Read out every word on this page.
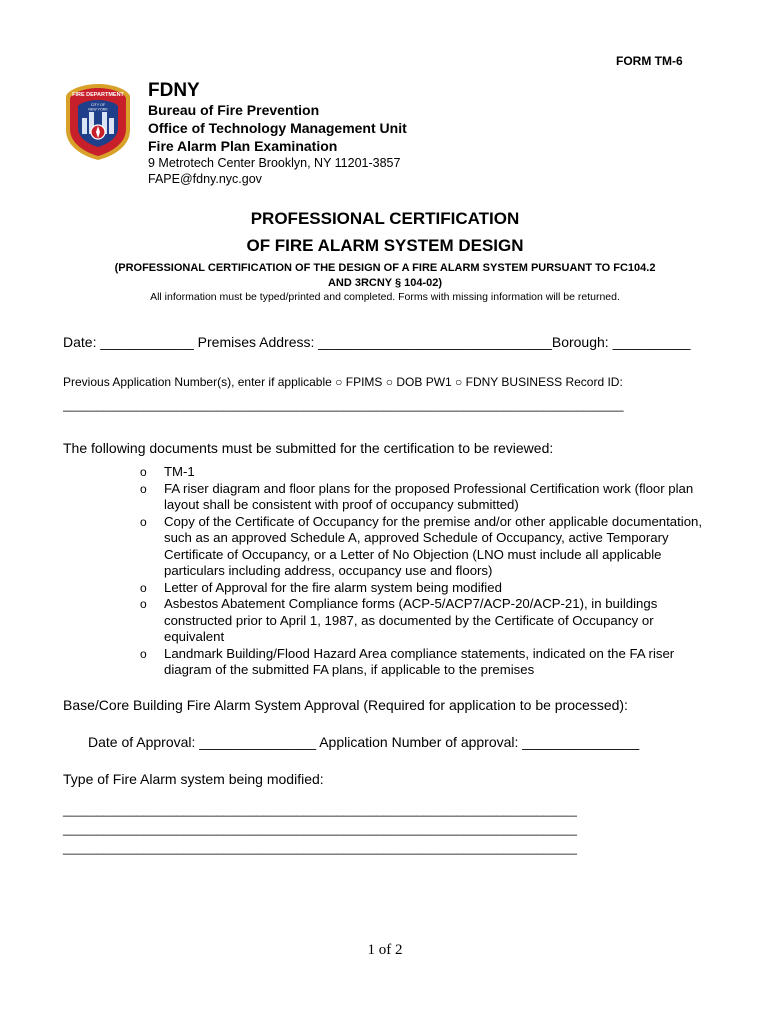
FORM TM-6
FIRE DEPARTMENT
CITY OF
NEW YORK
FDNY
Bureau of Fire Prevention
Office of Technology Management Unit
Fire Alarm Plan Examination
9 Metrotech Center Brooklyn, NY 11201-3857
FAPE@fdny.nyc.gov
PROFESSIONAL CERTIFICATION
OF FIRE ALARM SYSTEM DESIGN
(PROFESSIONAL CERTIFICATION OF THE DESIGN OF A FIRE ALARM SYSTEM PURSUANT TO FC104.2
AND 3RCNY § 104-02)
All information must be typed/printed and completed. Forms with missing information will be returned.
Date: ____________ Premises Address: ______________________________Borough: __________
Previous Application Number(s), enter if applicable ○ FPIMS ○ DOB PW1 ○ FDNY BUSINESS Record ID:
____________________________________________________________________________________
The following documents must be submitted for the certification to be reviewed:
o TM-1
o FA riser diagram and floor plans for the proposed Professional Certification work (floor plan layout shall be consistent with proof of occupancy submitted)
o Copy of the Certificate of Occupancy for the premise and/or other applicable documentation, such as an approved Schedule A, approved Schedule of Occupancy, active Temporary Certificate of Occupancy, or a Letter of No Objection (LNO must include all applicable particulars including address, occupancy use and floors)
o Letter of Approval for the fire alarm system being modified
o Asbestos Abatement Compliance forms (ACP-5/ACP7/ACP-20/ACP-21), in buildings constructed prior to April 1, 1987, as documented by the Certificate of Occupancy or equivalent
o Landmark Building/Flood Hazard Area compliance statements, indicated on the FA riser diagram of the submitted FA plans, if applicable to the premises
Base/Core Building Fire Alarm System Approval (Required for application to be processed):
Date of Approval: _______________ Application Number of approval: _______________
Type of Fire Alarm system being modified:
_____________________________________________________________________________
_____________________________________________________________________________
_____________________________________________________________________________
1 of 2
